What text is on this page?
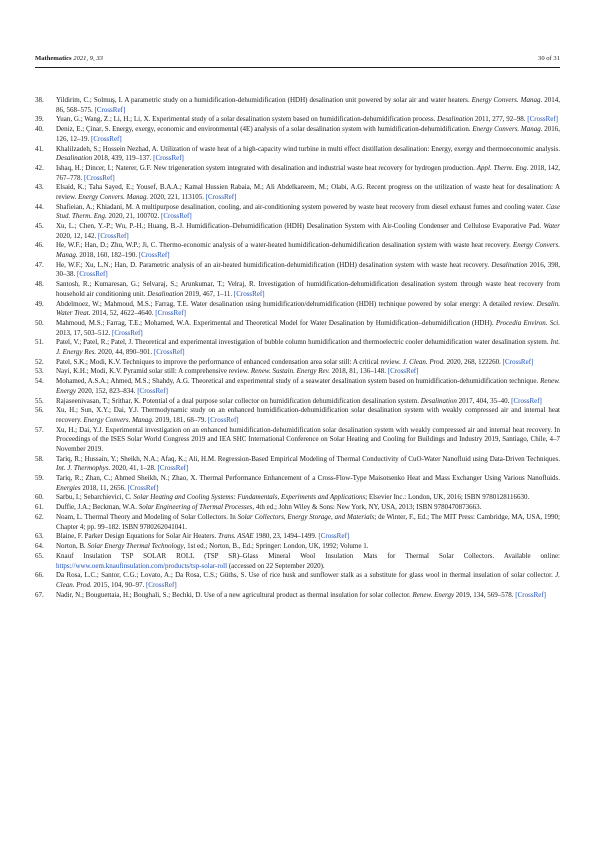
Mathematics 2021, 9, 33	30 of 31
38.	Yildirim, C.; Solmuş, I. A parametric study on a humidification-dehumidification (HDH) desalination unit powered by solar air and water heaters. Energy Convers. Manag. 2014, 86, 568–575. [CrossRef]
39.	Yuan, G.; Wang, Z.; Li, H.; Li, X. Experimental study of a solar desalination system based on humidification-dehumidification process. Desalination 2011, 277, 92–98. [CrossRef]
40.	Deniz, E.; Çinar, S. Energy, exergy, economic and environmental (4E) analysis of a solar desalination system with humidification-dehumidification. Energy Convers. Manag. 2016, 126, 12–19. [CrossRef]
41.	Khalilzadeh, S.; Hossein Nezhad, A. Utilization of waste heat of a high-capacity wind turbine in multi effect distillation desalination: Energy, exergy and thermoeconomic analysis. Desalination 2018, 439, 119–137. [CrossRef]
42.	Ishaq, H.; Dincer, I.; Naterer, G.F. New trigeneration system integrated with desalination and industrial waste heat recovery for hydrogen production. Appl. Therm. Eng. 2018, 142, 767–778. [CrossRef]
43.	Elsaid, K.; Taha Sayed, E.; Yousef, B.A.A.; Kamal Hussien Rabaia, M.; Ali Abdelkareem, M.; Olabi, A.G. Recent progress on the utilization of waste heat for desalination: A review. Energy Convers. Manag. 2020, 221, 113105. [CrossRef]
44.	Shafieian, A.; Khiadani, M. A multipurpose desalination, cooling, and air-conditioning system powered by waste heat recovery from diesel exhaust fumes and cooling water. Case Stud. Therm. Eng. 2020, 21, 100702. [CrossRef]
45.	Xu, L.; Chen, Y.-P.; Wu, P.-H.; Huang, B.-J. Humidification–Dehumidification (HDH) Desalination System with Air-Cooling Condenser and Cellulose Evaporative Pad. Water 2020, 12, 142. [CrossRef]
46.	He, W.F.; Han, D.; Zhu, W.P.; Ji, C. Thermo-economic analysis of a water-heated humidification-dehumidification desalination system with waste heat recovery. Energy Convers. Manag. 2018, 160, 182–190. [CrossRef]
47.	He, W.F.; Xu, L.N.; Han, D. Parametric analysis of an air-heated humidification-dehumidification (HDH) desalination system with waste heat recovery. Desalination 2016, 398, 30–38. [CrossRef]
48.	Santosh, R.; Kumaresan, G.; Selvaraj, S.; Arunkumar, T.; Velraj, R. Investigation of humidification-dehumidification desalination system through waste heat recovery from household air conditioning unit. Desalination 2019, 467, 1–11. [CrossRef]
49.	Abdelmoez, W.; Mahmoud, M.S.; Farrag, T.E. Water desalination using humidification/dehumidification (HDH) technique powered by solar energy: A detailed review. Desalin. Water Treat. 2014, 52, 4622–4640. [CrossRef]
50.	Mahmoud, M.S.; Farrag, T.E.; Mohamed, W.A. Experimental and Theoretical Model for Water Desalination by Humidification–dehumidification (HDH). Procedia Environ. Sci. 2013, 17, 503–512. [CrossRef]
51.	Patel, V.; Patel, R.; Patel, J. Theoretical and experimental investigation of bubble column humidification and thermoelectric cooler dehumidification water desalination system. Int. J. Energy Res. 2020, 44, 890–901. [CrossRef]
52.	Patel, S.K.; Modi, K.V. Techniques to improve the performance of enhanced condensation area solar still: A critical review. J. Clean. Prod. 2020, 268, 122260. [CrossRef]
53.	Nayi, K.H.; Modi, K.V. Pyramid solar still: A comprehensive review. Renew. Sustain. Energy Rev. 2018, 81, 136–148. [CrossRef]
54.	Mohamed, A.S.A.; Ahmed, M.S.; Shahdy, A.G. Theoretical and experimental study of a seawater desalination system based on humidification-dehumidification technique. Renew. Energy 2020, 152, 823–834. [CrossRef]
55.	Rajaseenivasan, T.; Srithar, K. Potential of a dual purpose solar collector on humidification dehumidification desalination system. Desalination 2017, 404, 35–40. [CrossRef]
56.	Xu, H.; Sun, X.Y.; Dai, Y.J. Thermodynamic study on an enhanced humidification-dehumidification solar desalination system with weakly compressed air and internal heat recovery. Energy Convers. Manag. 2019, 181, 68–79. [CrossRef]
57.	Xu, H.; Dai, Y.J. Experimental investigation on an enhanced humidification-dehumidification solar desalination system with weakly compressed air and internal heat recovery. In Proceedings of the ISES Solar World Congress 2019 and IEA SHC International Conference on Solar Heating and Cooling for Buildings and Industry 2019, Santiago, Chile, 4–7 November 2019.
58.	Tariq, R.; Hussain, Y.; Sheikh, N.A.; Afaq, K.; Ali, H.M. Regression-Based Empirical Modeling of Thermal Conductivity of CuO-Water Nanofluid using Data-Driven Techniques. Int. J. Thermophys. 2020, 41, 1–28. [CrossRef]
59.	Tariq, R.; Zhan, C.; Ahmed Sheikh, N.; Zhao, X. Thermal Performance Enhancement of a Cross-Flow-Type Maisotsenko Heat and Mass Exchanger Using Various Nanofluids. Energies 2018, 11, 2656. [CrossRef]
60.	Sarbu, I.; Sebarchievici, C. Solar Heating and Cooling Systems: Fundamentals, Experiments and Applications; Elsevier Inc.: London, UK, 2016; ISBN 9780128116630.
61.	Duffie, J.A.; Beckman, W.A. Solar Engineering of Thermal Processes, 4th ed.; John Wiley & Sons: New York, NY, USA, 2013; ISBN 9780470873663.
62.	Noam, L. Thermal Theory and Modeling of Solar Collectors. In Solar Collectors, Energy Storage, and Materials; de Winter, F., Ed.; The MIT Press: Cambridge, MA, USA, 1990; Chapter 4; pp. 99–182. ISBN 9780262041041.
63.	Blaine, F. Parker Design Equations for Solar Air Heaters. Trans. ASAE 1980, 23, 1494–1499. [CrossRef]
64.	Norton, B. Solar Energy Thermal Technology, 1st ed.; Norton, B., Ed.; Springer: London, UK, 1992; Volume 1.
65.	Knauf Insulation TSP SOLAR ROLL (TSP SR)–Glass Mineral Wool Insulation Mats for Thermal Solar Collectors. Available online: https://www.oem.knaufinsulation.com/products/tsp-solar-roll (accessed on 22 September 2020).
66.	Da Rosa, L.C.; Santor, C.G.; Lovato, A.; Da Rosa, C.S.; Güths, S. Use of rice husk and sunflower stalk as a substitute for glass wool in thermal insulation of solar collector. J. Clean. Prod. 2015, 104, 90–97. [CrossRef]
67.	Nadir, N.; Bouguettaia, H.; Boughali, S.; Bechki, D. Use of a new agricultural product as thermal insulation for solar collector. Renew. Energy 2019, 134, 569–578. [CrossRef]
